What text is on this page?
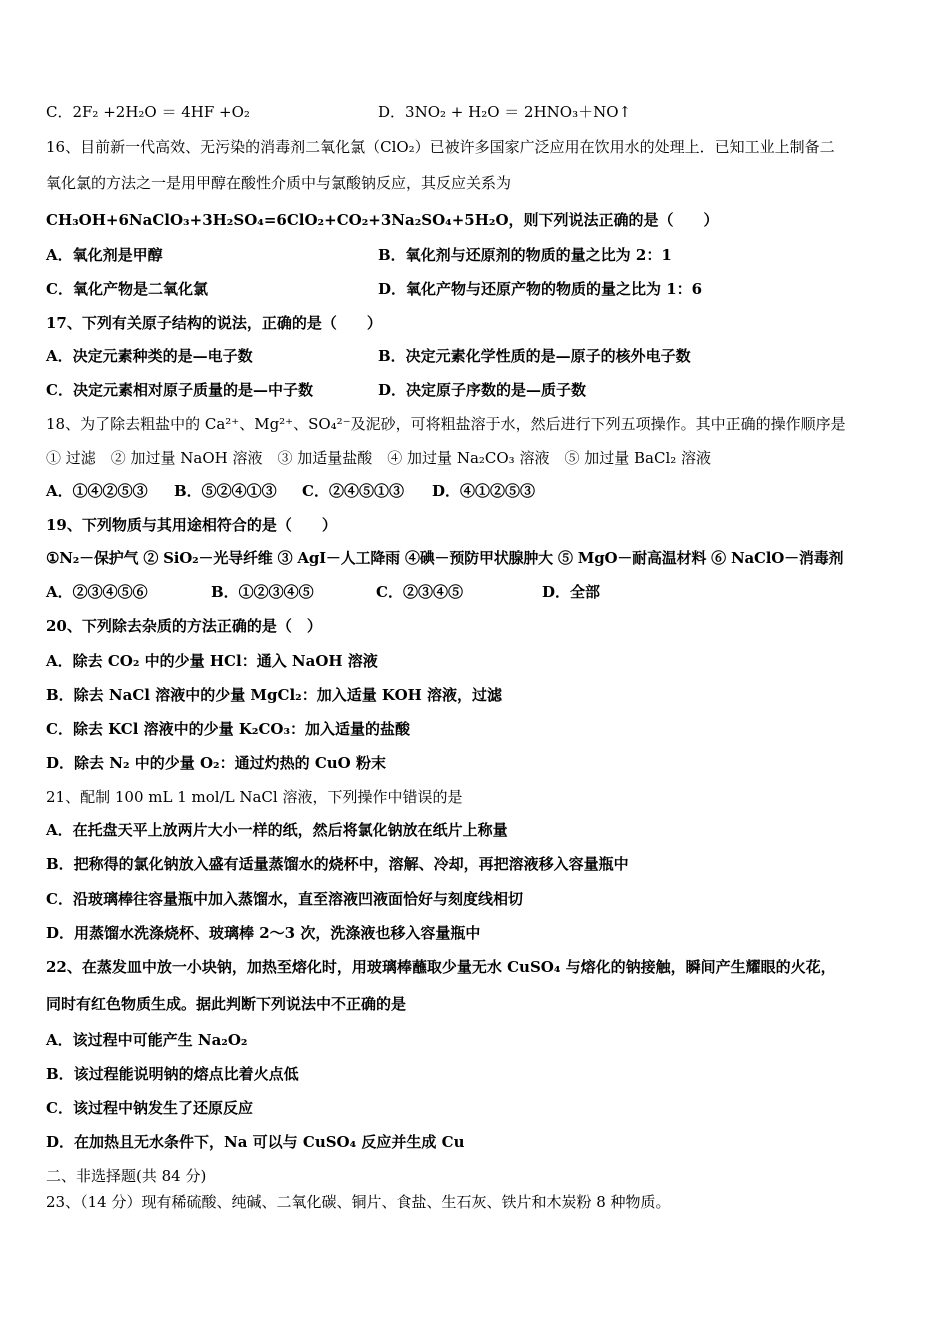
C．2F₂ +2H₂O ＝ 4HF +O₂	D．3NO₂ + H₂O ＝ 2HNO₃＋NO↑
16、目前新一代高效、无污染的消毒剂二氧化氯（ClO₂）已被许多国家广泛应用在饮用水的处理上．已知工业上制备二
氧化氯的方法之一是用甲醇在酸性介质中与氯酸钠反应，其反应关系为
CH₃OH+6NaClO₃+3H₂SO₄=6ClO₂+CO₂+3Na₂SO₄+5H₂O，则下列说法正确的是（　　）
A．氧化剂是甲醇	B．氧化剂与还原剂的物质的量之比为 2：1
C．氧化产物是二氧化氯	D．氧化产物与还原产物的物质的量之比为 1：6
17、下列有关原子结构的说法，正确的是（　　）
A．决定元素种类的是—电子数	B．决定元素化学性质的是—原子的核外电子数
C．决定元素相对原子质量的是—中子数	D．决定原子序数的是—质子数
18、为了除去粗盐中的 Ca²⁺、Mg²⁺、SO₄²⁻及泥砂，可将粗盐溶于水，然后进行下列五项操作。其中正确的操作顺序是
① 过滤　② 加过量 NaOH 溶液　③ 加适量盐酸　④ 加过量 Na₂CO₃ 溶液　⑤ 加过量 BaCl₂ 溶液
A．①④②⑤③ B．⑤②④①③ C．②④⑤①③ D．④①②⑤③
19、下列物质与其用途相符合的是（　　）
①N₂－保护气 ② SiO₂－光导纤维 ③ AgI－人工降雨 ④碘－预防甲状腺肿大 ⑤ MgO－耐高温材料 ⑥ NaClO－消毒剂
A．②③④⑤⑥	B．①②③④⑤	C．②③④⑤	D．全部
20、下列除去杂质的方法正确的是（　）
A．除去 CO₂ 中的少量 HCl：通入 NaOH 溶液
B．除去 NaCl 溶液中的少量 MgCl₂：加入适量 KOH 溶液，过滤
C．除去 KCl 溶液中的少量 K₂CO₃：加入适量的盐酸
D．除去 N₂ 中的少量 O₂：通过灼热的 CuO 粉末
21、配制 100 mL 1 mol/L NaCl 溶液，下列操作中错误的是
A．在托盘天平上放两片大小一样的纸，然后将氯化钠放在纸片上称量
B．把称得的氯化钠放入盛有适量蒸馏水的烧杯中，溶解、冷却，再把溶液移入容量瓶中
C．沿玻璃棒往容量瓶中加入蒸馏水，直至溶液凹液面恰好与刻度线相切
D．用蒸馏水洗涤烧杯、玻璃棒 2～3 次，洗涤液也移入容量瓶中
22、在蒸发皿中放一小块钠，加热至熔化时，用玻璃棒蘸取少量无水 CuSO₄ 与熔化的钠接触，瞬间产生耀眼的火花，
同时有红色物质生成。据此判断下列说法中不正确的是
A．该过程中可能产生 Na₂O₂
B．该过程能说明钠的熔点比着火点低
C．该过程中钠发生了还原反应
D．在加热且无水条件下，Na 可以与 CuSO₄ 反应并生成 Cu
二、非选择题(共 84 分)
23、（14 分）现有稀硫酸、纯碱、二氧化碳、铜片、食盐、生石灰、铁片和木炭粉 8 种物质。
